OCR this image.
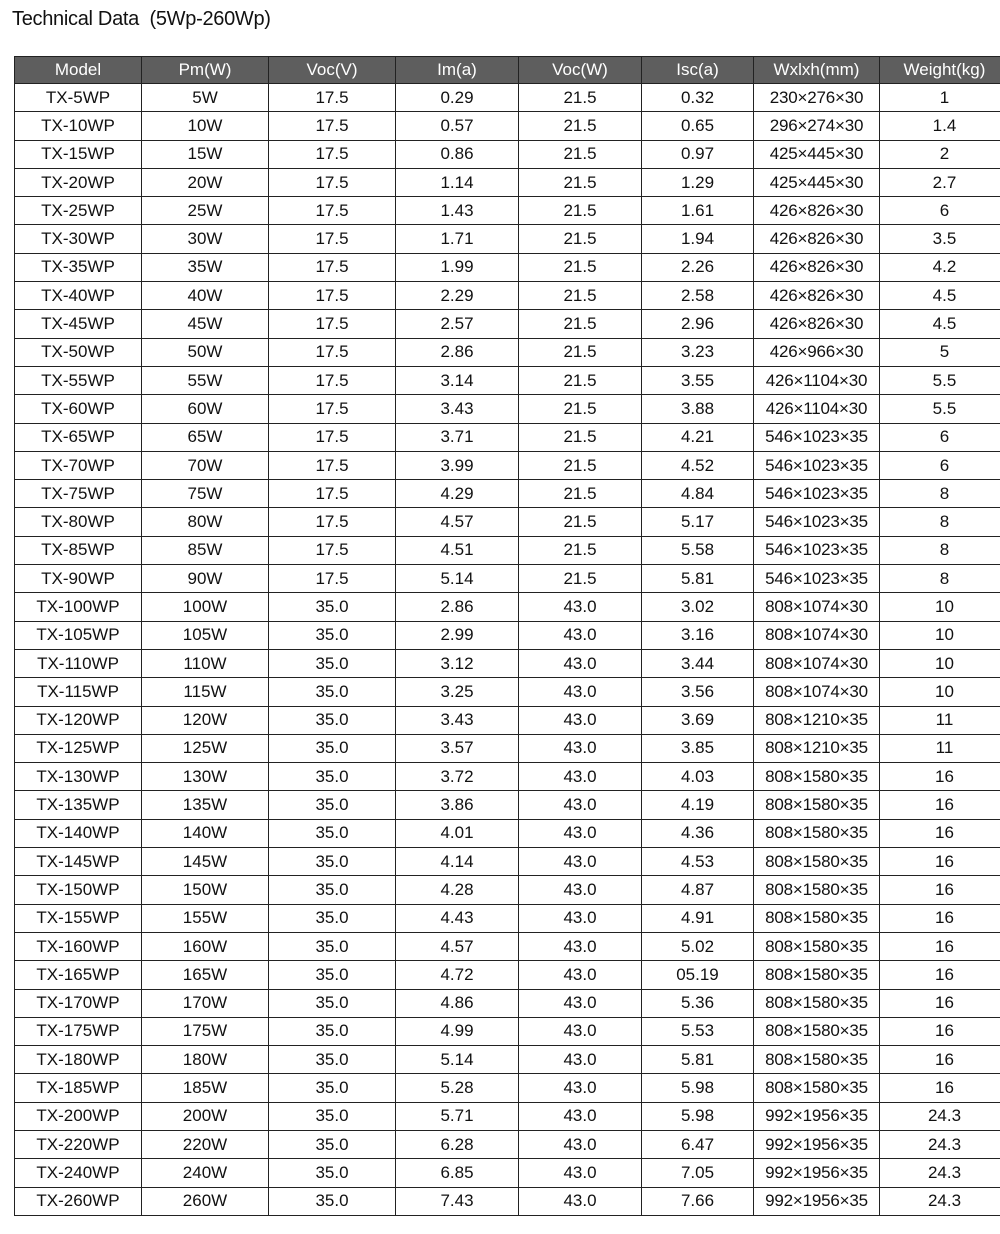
Technical Data  (5Wp-260Wp)
Model	Pm(W)	Voc(V)	Im(a)	Voc(W)	Isc(a)	Wxlxh(mm)	Weight(kg)
TX-5WP	5W	17.5	0.29	21.5	0.32	230×276×30	1
TX-10WP	10W	17.5	0.57	21.5	0.65	296×274×30	1.4
TX-15WP	15W	17.5	0.86	21.5	0.97	425×445×30	2
TX-20WP	20W	17.5	1.14	21.5	1.29	425×445×30	2.7
TX-25WP	25W	17.5	1.43	21.5	1.61	426×826×30	6
TX-30WP	30W	17.5	1.71	21.5	1.94	426×826×30	3.5
TX-35WP	35W	17.5	1.99	21.5	2.26	426×826×30	4.2
TX-40WP	40W	17.5	2.29	21.5	2.58	426×826×30	4.5
TX-45WP	45W	17.5	2.57	21.5	2.96	426×826×30	4.5
TX-50WP	50W	17.5	2.86	21.5	3.23	426×966×30	5
TX-55WP	55W	17.5	3.14	21.5	3.55	426×1104×30	5.5
TX-60WP	60W	17.5	3.43	21.5	3.88	426×1104×30	5.5
TX-65WP	65W	17.5	3.71	21.5	4.21	546×1023×35	6
TX-70WP	70W	17.5	3.99	21.5	4.52	546×1023×35	6
TX-75WP	75W	17.5	4.29	21.5	4.84	546×1023×35	8
TX-80WP	80W	17.5	4.57	21.5	5.17	546×1023×35	8
TX-85WP	85W	17.5	4.51	21.5	5.58	546×1023×35	8
TX-90WP	90W	17.5	5.14	21.5	5.81	546×1023×35	8
TX-100WP	100W	35.0	2.86	43.0	3.02	808×1074×30	10
TX-105WP	105W	35.0	2.99	43.0	3.16	808×1074×30	10
TX-110WP	110W	35.0	3.12	43.0	3.44	808×1074×30	10
TX-115WP	115W	35.0	3.25	43.0	3.56	808×1074×30	10
TX-120WP	120W	35.0	3.43	43.0	3.69	808×1210×35	11
TX-125WP	125W	35.0	3.57	43.0	3.85	808×1210×35	11
TX-130WP	130W	35.0	3.72	43.0	4.03	808×1580×35	16
TX-135WP	135W	35.0	3.86	43.0	4.19	808×1580×35	16
TX-140WP	140W	35.0	4.01	43.0	4.36	808×1580×35	16
TX-145WP	145W	35.0	4.14	43.0	4.53	808×1580×35	16
TX-150WP	150W	35.0	4.28	43.0	4.87	808×1580×35	16
TX-155WP	155W	35.0	4.43	43.0	4.91	808×1580×35	16
TX-160WP	160W	35.0	4.57	43.0	5.02	808×1580×35	16
TX-165WP	165W	35.0	4.72	43.0	05.19	808×1580×35	16
TX-170WP	170W	35.0	4.86	43.0	5.36	808×1580×35	16
TX-175WP	175W	35.0	4.99	43.0	5.53	808×1580×35	16
TX-180WP	180W	35.0	5.14	43.0	5.81	808×1580×35	16
TX-185WP	185W	35.0	5.28	43.0	5.98	808×1580×35	16
TX-200WP	200W	35.0	5.71	43.0	5.98	992×1956×35	24.3
TX-220WP	220W	35.0	6.28	43.0	6.47	992×1956×35	24.3
TX-240WP	240W	35.0	6.85	43.0	7.05	992×1956×35	24.3
TX-260WP	260W	35.0	7.43	43.0	7.66	992×1956×35	24.3
